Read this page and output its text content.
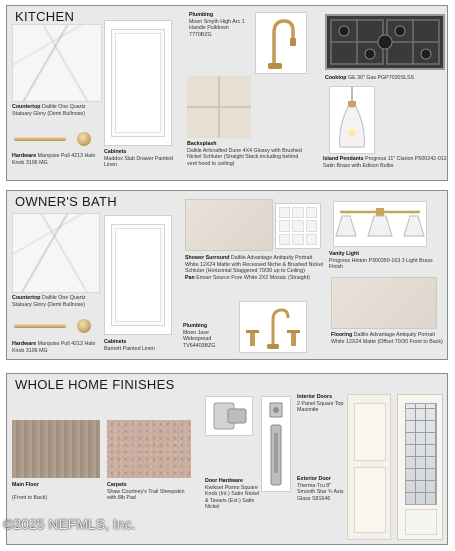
KITCHEN
Countertop Daltile One Quartz Statuary Glory (Demi Bullnose)
Hardware Marquise Pull 4213 Halo Knob 3106 MG
Cabinets
Maddox Slab Drawer Painted Linen
Plumbing
Moen Smyth High Arc 1 Handle Pulldown 7770BZG
Backsplash
Daltile Articrafted Dune 4X4 Glossy with Brushed Nickel Schluter (Straight Stack including behind vent hood to ceiling)
Cooktop GE 30" Gas PGP7030SLSS
Island Pendants Progress 11" Clarion P500242-012 Satin Brass with Edison Bulbs
OWNER'S BATH
Countertop Daltile One Quartz Statuary Glory (Demi Bullnose)
Hardware Marquise Pull 4213 Halo Knob 3106 MG
Cabinets
Barnett Painted Linen
Shower Surround Daltile Advantage Antiquity Portrait White 12X24 Matte with Recessed Niche & Brushed Nickel Schluter (Horizontal Staggered 70/30 up to Ceiling)
Pan Emser Source Pure White 2X2 Mosaic (Straight)
Plumbing
Moen Jase Widespread TV64403BZG
Vanity Light
Progress Hinton P300350-163 3 Light Brass Finish
Flooring Daltile Advantage Antiquity Portrait White 12X24 Matte (Offset 70/30 Front to Back)
WHOLE HOME FINISHES
Main Floor

(Front to Back)
Carpets
Shaw Courtney's Trail Sheepskin with 8lb Pad
Door Hardware
Kwikset Pismo Square Knob (Int.) Satin Nickel & Tavaris (Ext.) Satin Nickel
Interior Doors
2 Panel Square Top Masonite
Exterior Door
Therma-Tru 8" Smooth Star ¾ Axis Glass S81646
©2025 NEFMLS, Inc.
